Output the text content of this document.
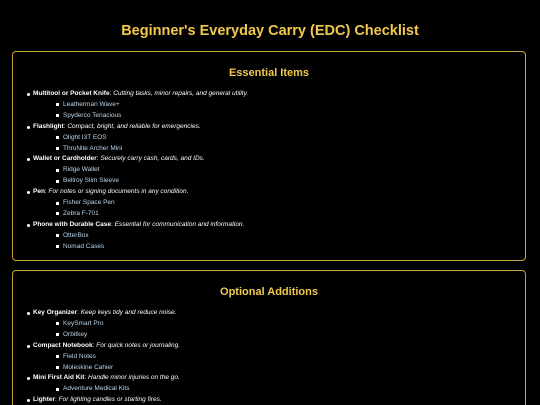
Beginner's Everyday Carry (EDC) Checklist
Essential Items
Multitool or Pocket Knife: Cutting tasks, minor repairs, and general utility.
Leatherman Wave+
Spyderco Tenacious
Flashlight: Compact, bright, and reliable for emergencies.
Olight I3T EOS
ThruNite Archer Mini
Wallet or Cardholder: Securely carry cash, cards, and IDs.
Ridge Wallet
Bellroy Slim Sleeve
Pen: For notes or signing documents in any condition.
Fisher Space Pen
Zebra F-701
Phone with Durable Case: Essential for communication and information.
OtterBox
Nomad Cases
Optional Additions
Key Organizer: Keep keys tidy and reduce noise.
KeySmart Pro
Orbitkey
Compact Notebook: For quick notes or journaling.
Field Notes
Moleskine Cahier
Mini First Aid Kit: Handle minor injuries on the go.
Adventure Medical Kits
Lighter: For lighting candles or starting fires.
